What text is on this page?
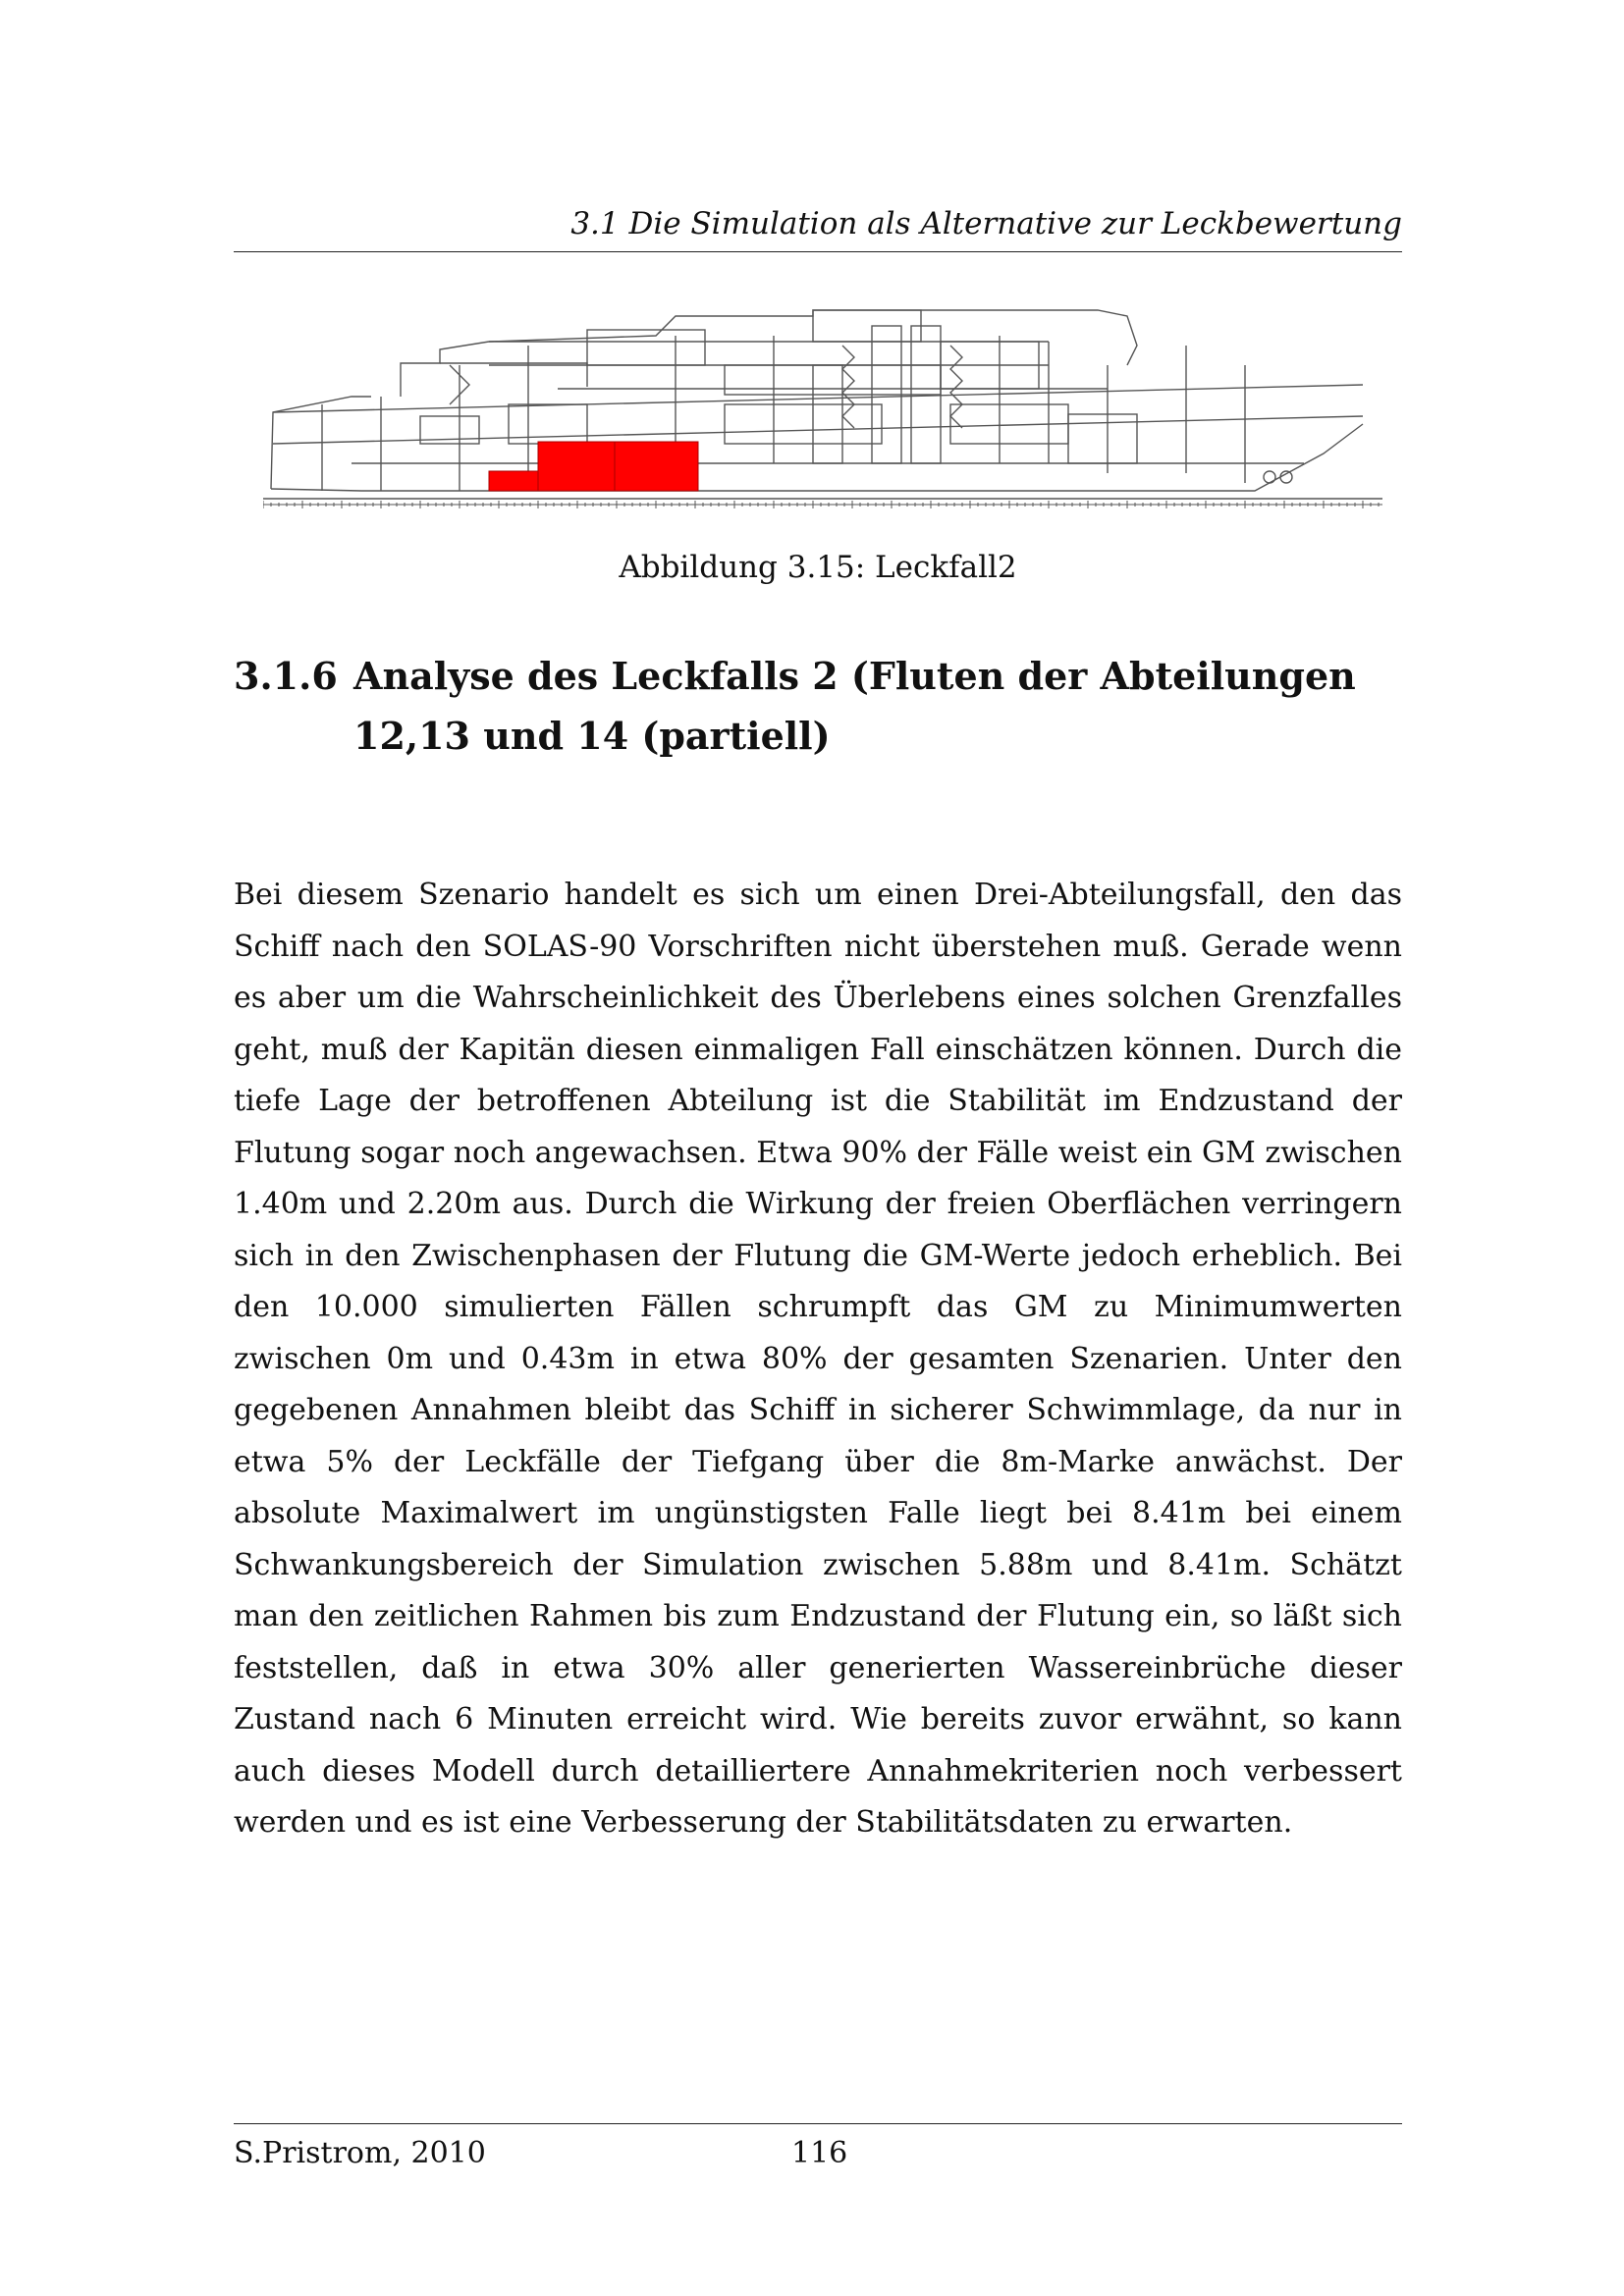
3.1 Die Simulation als Alternative zur Leckbewertung
Abbildung 3.15: Leckfall2
3.1.6 Analyse des Leckfalls 2 (Fluten der Abteilungen 12,13 und 14 (partiell)
Bei diesem Szenario handelt es sich um einen Drei-Abteilungsfall, den das Schiff nach den SOLAS-90 Vorschriften nicht überstehen muß. Gerade wenn es aber um die Wahrscheinlichkeit des Überlebens eines solchen Grenzfalles geht, muß der Kapitän diesen einmaligen Fall einschätzen können. Durch die tiefe Lage der betroffenen Abteilung ist die Stabilität im Endzustand der Flutung sogar noch angewachsen. Etwa 90% der Fälle weist ein GM zwischen 1.40m und 2.20m aus. Durch die Wirkung der freien Oberflächen verringern sich in den Zwischenphasen der Flutung die GM-Werte jedoch erheblich. Bei den 10.000 simulierten Fällen schrumpft das GM zu Minimumwerten zwischen 0m und 0.43m in etwa 80% der gesamten Szenarien. Unter den gegebenen Annahmen bleibt das Schiff in sicherer Schwimmlage, da nur in etwa 5% der Leckfälle der Tiefgang über die 8m-Marke anwächst. Der absolute Maximalwert im ungünstigsten Falle liegt bei 8.41m bei einem Schwankungsbereich der Simulation zwischen 5.88m und 8.41m. Schätzt man den zeitlichen Rahmen bis zum Endzustand der Flutung ein, so läßt sich feststellen, daß in etwa 30% aller generierten Wassereinbrüche dieser Zustand nach 6 Minuten erreicht wird. Wie bereits zuvor erwähnt, so kann auch dieses Modell durch detailliertere Annahmekriterien noch verbessert werden und es ist eine Verbesserung der Stabilitätsdaten zu erwarten.
S.Pristrom, 2010	116
